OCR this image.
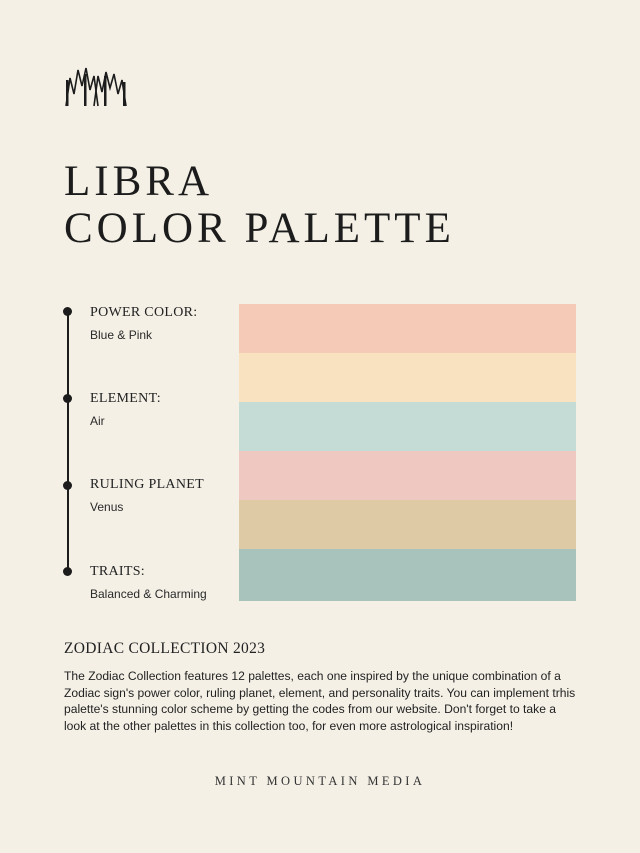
LIBRA
COLOR PALETTE
POWER COLOR:
Blue & Pink
ELEMENT:
Air
RULING PLANET
Venus
TRAITS:
Balanced & Charming
ZODIAC COLLECTION 2023

The Zodiac Collection features 12 palettes, each one inspired by the unique combination of a Zodiac sign's power color, ruling planet, element, and personality traits. You can implement trhis palette's stunning color scheme by getting the codes from our website. Don't forget to take a look at the other palettes in this collection too, for even more astrological inspiration!

MINT MOUNTAIN MEDIA
